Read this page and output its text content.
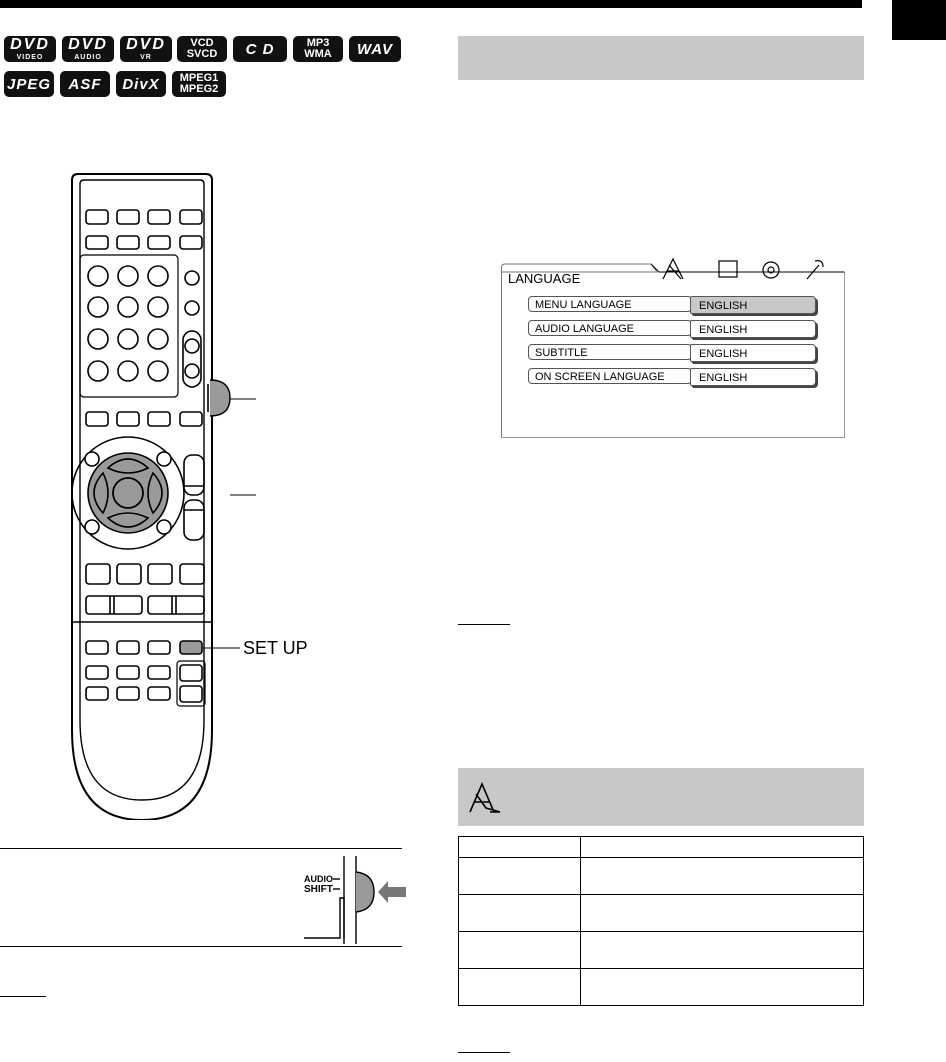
DVD
VIDEO
DVD
AUDIO
DVD
VR
VCD
SVCD C D	MP3
WMA WAV
JPEG ASF DivX MPEG1
MPEG2
SET UP
AUDIO
SHIFT
LANGUAGE
MENU LANGUAGE	ENGLISH
AUDIO LANGUAGE	ENGLISH
SUBTITLE	ENGLISH
ON SCREEN LANGUAGE	ENGLISH
